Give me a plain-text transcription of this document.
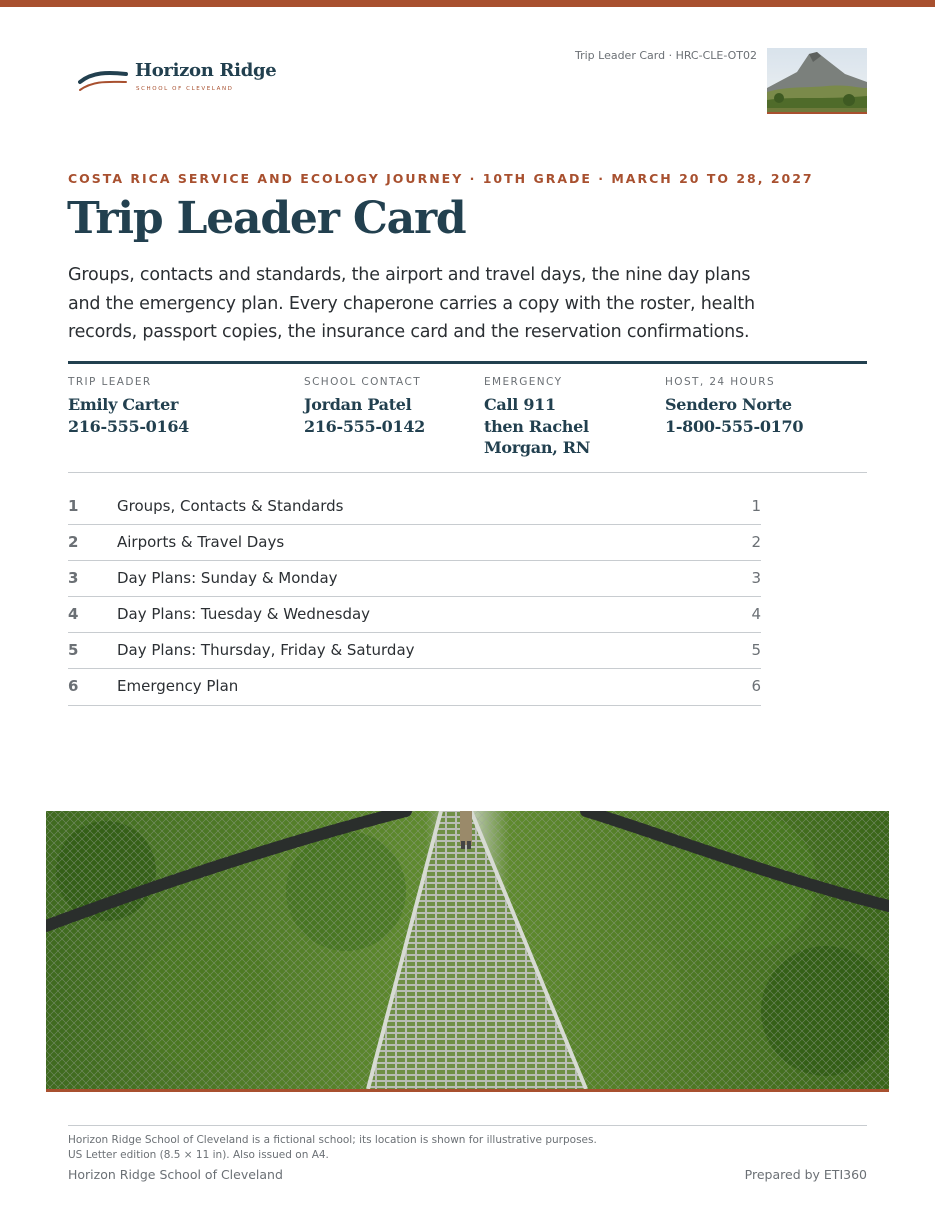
Horizon Ridge
SCHOOL OF CLEVELAND
Trip Leader Card · HRC-CLE-OT02
COSTA RICA SERVICE AND ECOLOGY JOURNEY · 10TH GRADE · MARCH 20 TO 28, 2027
Trip Leader Card
Groups, contacts and standards, the airport and travel days, the nine day plans and the emergency plan. Every chaperone carries a copy with the roster, health records, passport copies, the insurance card and the reservation confirmations.
TRIP LEADER
Emily Carter
216-555-0164
SCHOOL CONTACT
Jordan Patel
216-555-0142
EMERGENCY
Call 911
then Rachel
Morgan, RN
HOST, 24 HOURS
Sendero Norte
1-800-555-0170
1	Groups, Contacts & Standards	1
2	Airports & Travel Days	2
3	Day Plans: Sunday & Monday	3
4	Day Plans: Tuesday & Wednesday	4
5	Day Plans: Thursday, Friday & Saturday	5
6	Emergency Plan	6
Horizon Ridge School of Cleveland is a fictional school; its location is shown for illustrative purposes.
US Letter edition (8.5 × 11 in). Also issued on A4.
Horizon Ridge School of Cleveland	Prepared by ETI360
